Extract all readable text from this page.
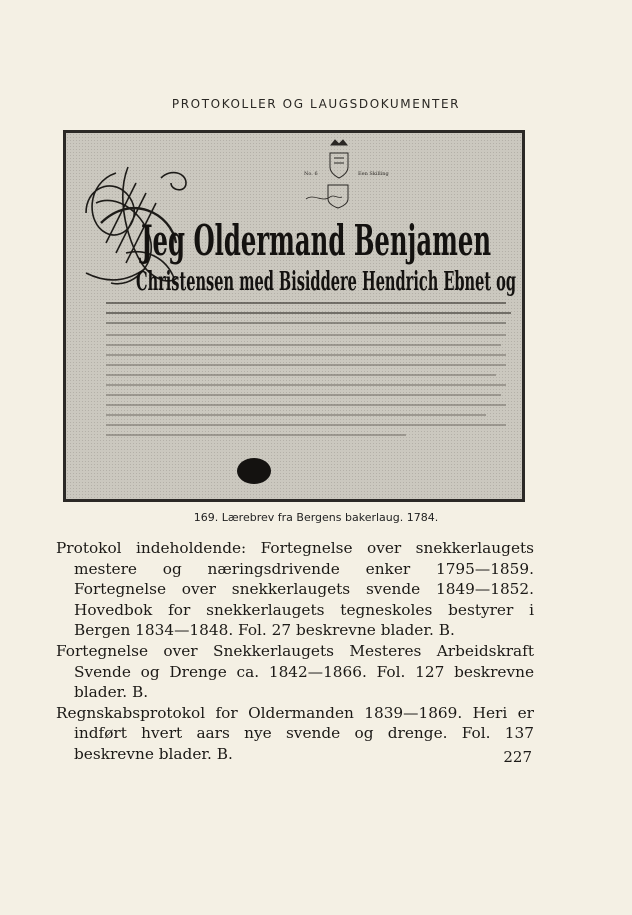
PROTOKOLLER OG LAUGSDOKUMENTER
No. 6	Een Skilling
Jeg Oldermand Benjamen
Christensen med Bisiddere Hendrich Ebnet og
169. Lærebrev fra Bergens bakerlaug. 1784.

Protokol indeholdende: Fortegnelse over snekkerlaugets mestere og næringsdrivende enker 1795—1859. Fortegnelse over snekkerlaugets svende 1849—1852. Hovedbok for snekkerlaugets tegneskoles bestyrer i Bergen 1834—1848. Fol. 27 beskrevne blader. B.

Fortegnelse over Snekkerlaugets Mesteres Arbeidskraft Svende og Drenge ca. 1842—1866. Fol. 127 beskrevne blader. B.

Regnskabsprotokol for Oldermanden 1839—1869. Heri er indført hvert aars nye svende og drenge. Fol. 137 beskrevne blader. B.	227
